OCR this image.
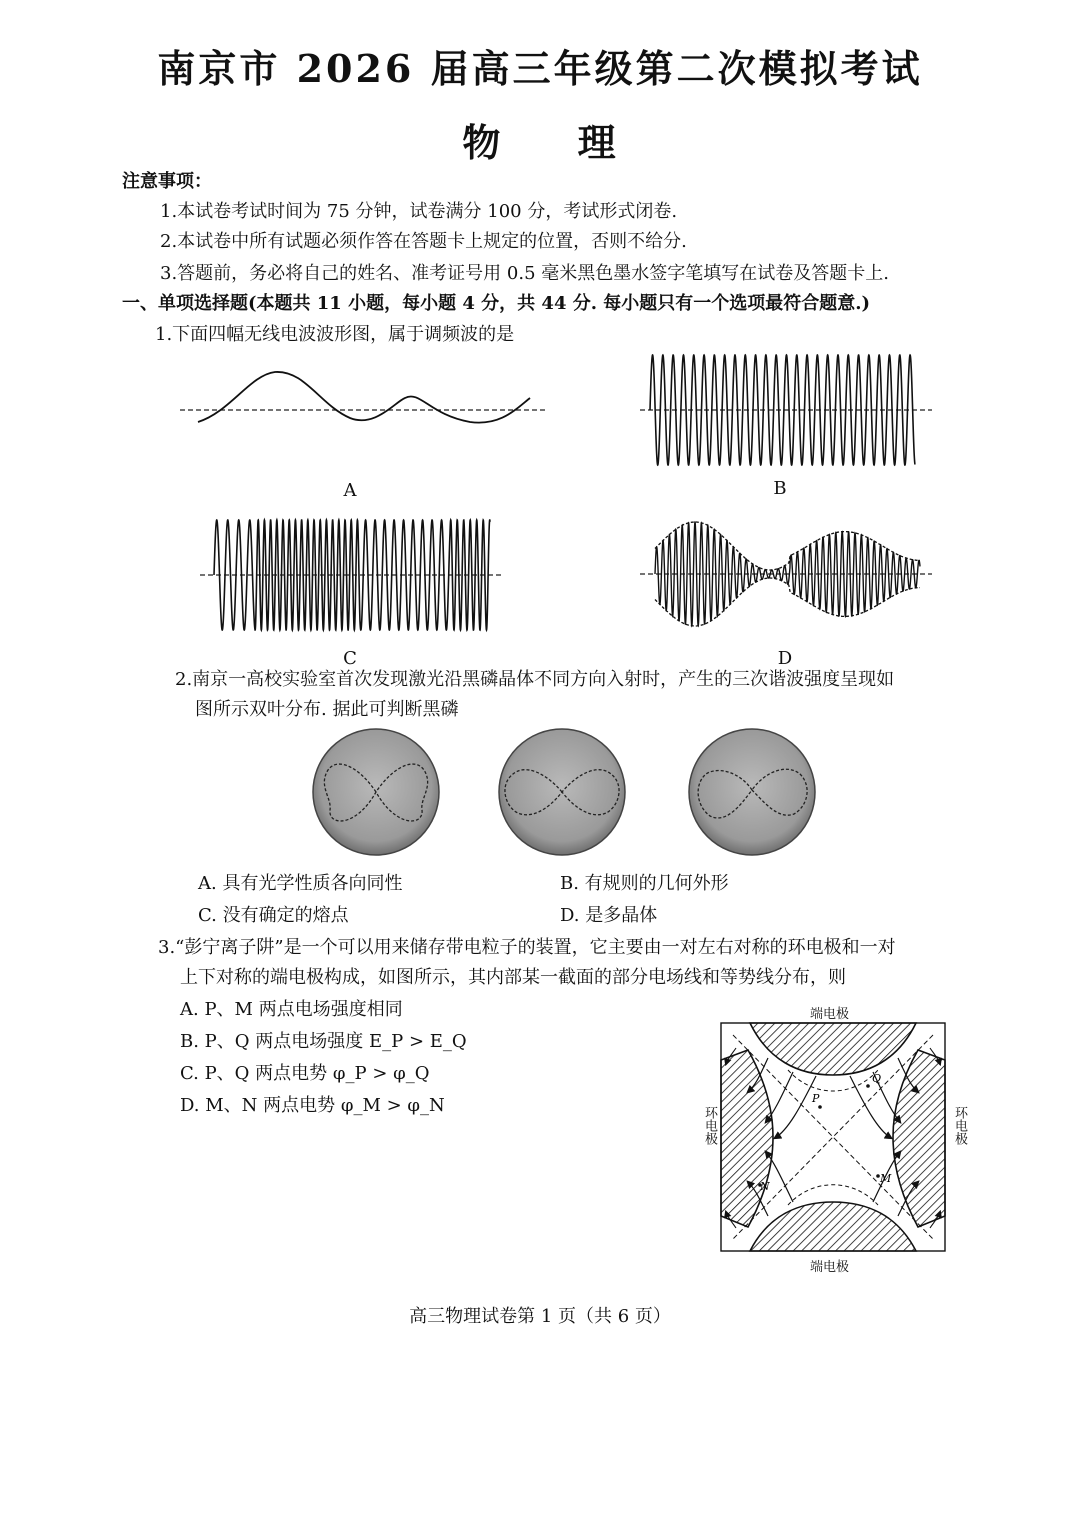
南京市 2026 届高三年级第二次模拟考试
物 理
注意事项：
1.本试卷考试时间为 75 分钟，试卷满分 100 分，考试形式闭卷.
2.本试卷中所有试题必须作答在答题卡上规定的位置，否则不给分.
3.答题前，务必将自己的姓名、准考证号用 0.5 毫米黑色墨水签字笔填写在试卷及答题卡上.
一、单项选择题(本题共 11 小题，每小题 4 分，共 44 分. 每小题只有一个选项最符合题意.)
1.下面四幅无线电波波形图，属于调频波的是
A	B
C	D
2.南京一高校实验室首次发现激光沿黑磷晶体不同方向入射时，产生的三次谐波强度呈现如
图所示双叶分布. 据此可判断黑磷
A. 具有光学性质各向同性	B. 有规则的几何外形
C. 没有确定的熔点	D. 是多晶体
3.“彭宁离子阱”是一个可以用来储存带电粒子的装置，它主要由一对左右对称的环电极和一对
上下对称的端电极构成，如图所示，其内部某一截面的部分电场线和等势线分布，则
A. P、M 两点电场强度相同
B. P、Q 两点电场强度 E_P > E_Q
C. P、Q 两点电势 φ_P > φ_Q
D. M、N 两点电势 φ_M > φ_N
端电极
端电极
环电极	环电极
P
Q
M
N
高三物理试卷第 1 页（共 6 页）
